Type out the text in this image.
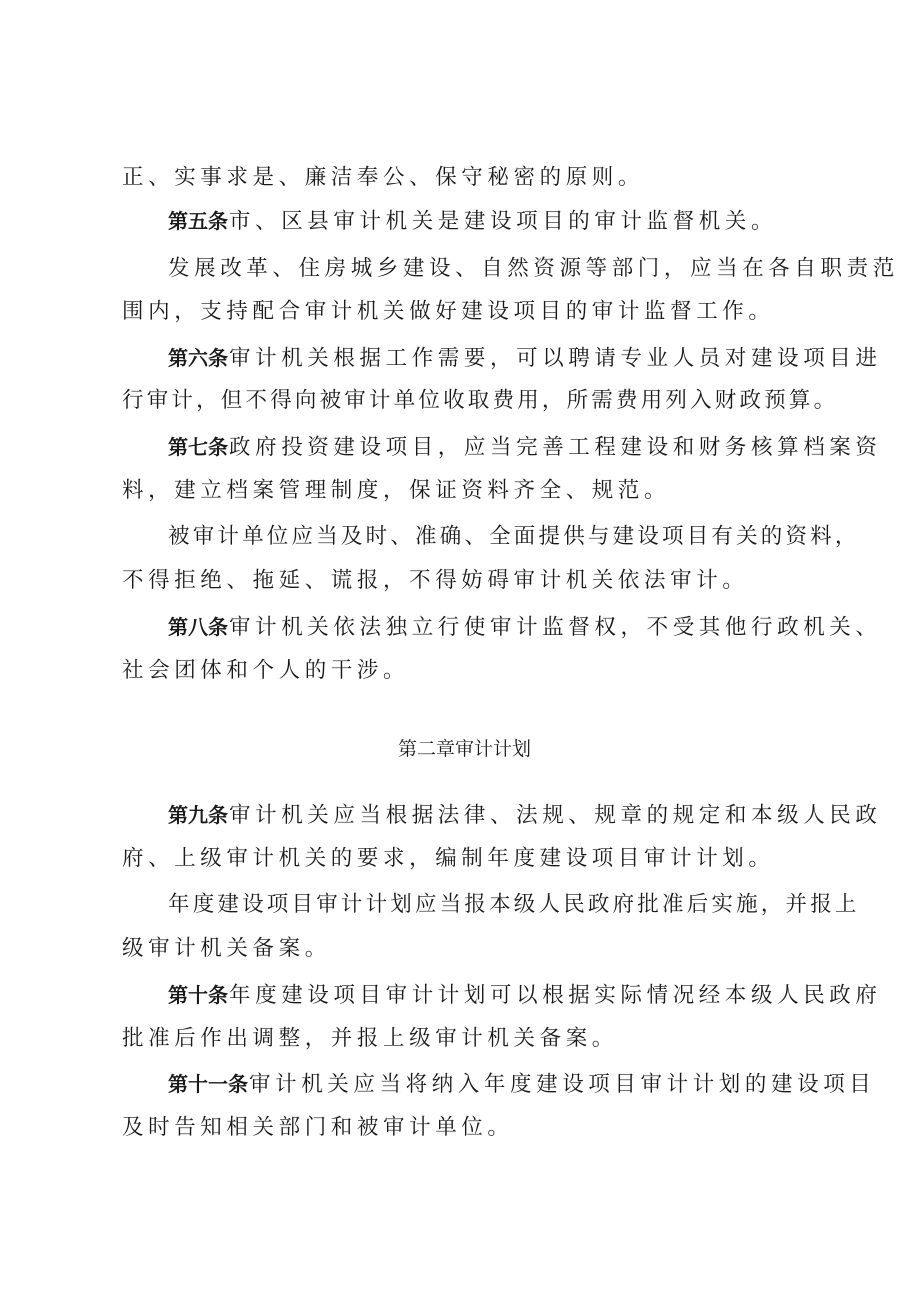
正、实事求是、廉洁奉公、保守秘密的原则。
第五条市、区县审计机关是建设项目的审计监督机关。
发展改革、住房城乡建设、自然资源等部门，应当在各自职责范
围内，支持配合审计机关做好建设项目的审计监督工作。
第六条审计机关根据工作需要，可以聘请专业人员对建设项目进
行审计，但不得向被审计单位收取费用，所需费用列入财政预算。
第七条政府投资建设项目，应当完善工程建设和财务核算档案资
料，建立档案管理制度，保证资料齐全、规范。
被审计单位应当及时、准确、全面提供与建设项目有关的资料，
不得拒绝、拖延、谎报，不得妨碍审计机关依法审计。
第八条审计机关依法独立行使审计监督权，不受其他行政机关、
社会团体和个人的干涉。
第二章审计计划
第九条审计机关应当根据法律、法规、规章的规定和本级人民政
府、上级审计机关的要求，编制年度建设项目审计计划。
年度建设项目审计计划应当报本级人民政府批准后实施，并报上
级审计机关备案。
第十条年度建设项目审计计划可以根据实际情况经本级人民政府
批准后作出调整，并报上级审计机关备案。
第十一条审计机关应当将纳入年度建设项目审计计划的建设项目
及时告知相关部门和被审计单位。
